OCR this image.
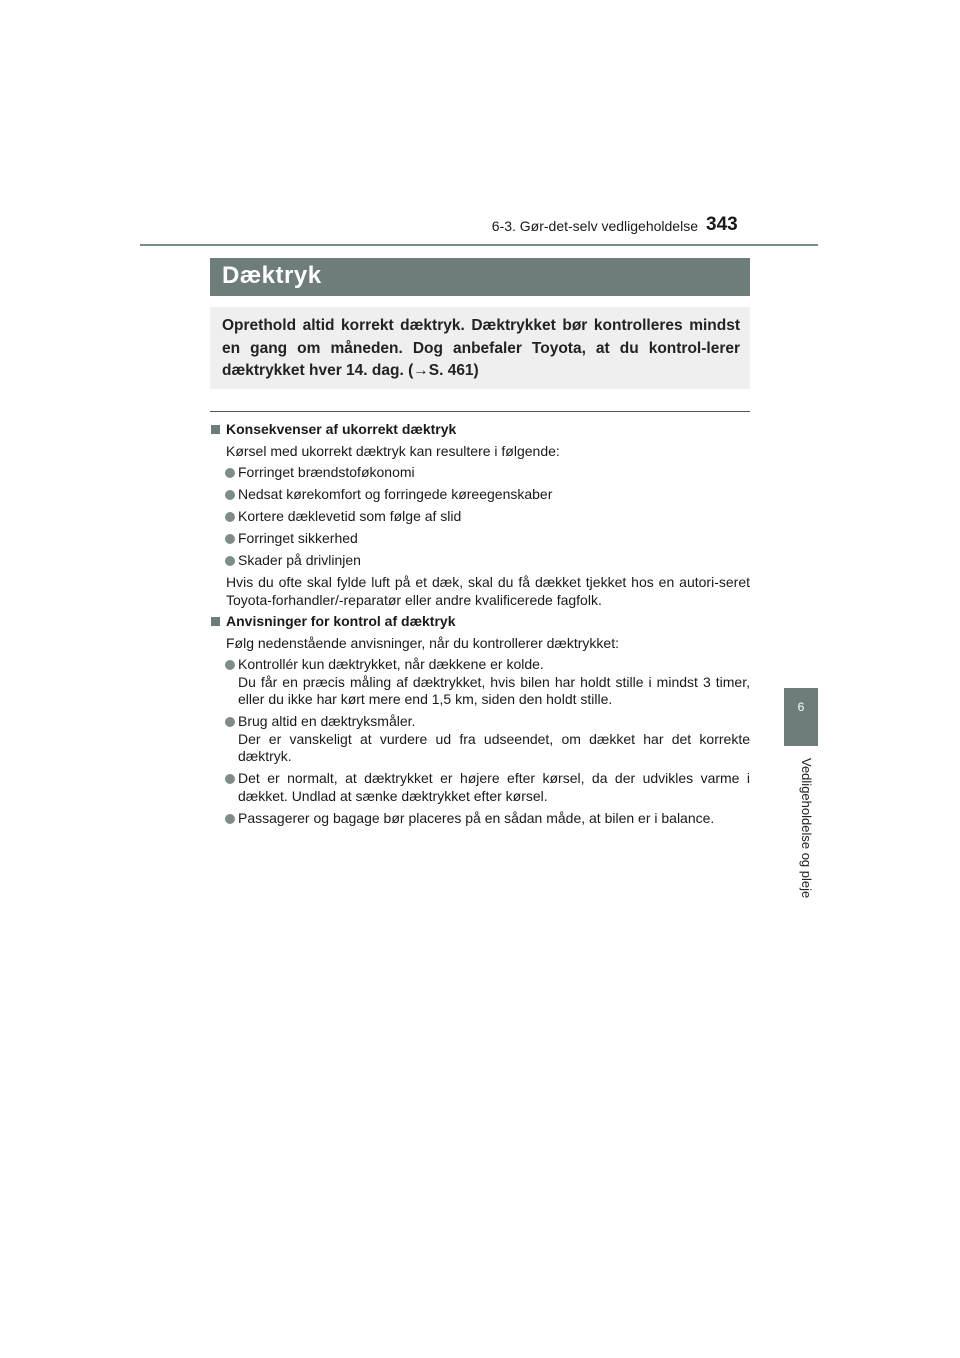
6-3. Gør-det-selv vedligeholdelse 343
6
Vedligeholdelse og pleje
Dæktryk
Oprethold altid korrekt dæktryk. Dæktrykket bør kontrolleres mindst en gang om måneden. Dog anbefaler Toyota, at du kontrol-lerer dæktrykket hver 14. dag. (→S. 461)
Konsekvenser af ukorrekt dæktryk
Kørsel med ukorrekt dæktryk kan resultere i følgende:
Forringet brændstoføkonomi
Nedsat kørekomfort og forringede køreegenskaber
Kortere dæklevetid som følge af slid
Forringet sikkerhed
Skader på drivlinjen
Hvis du ofte skal fylde luft på et dæk, skal du få dækket tjekket hos en autori-seret Toyota-forhandler/-reparatør eller andre kvalificerede fagfolk.
Anvisninger for kontrol af dæktryk
Følg nedenstående anvisninger, når du kontrollerer dæktrykket:
Kontrollér kun dæktrykket, når dækkene er kolde.
Du får en præcis måling af dæktrykket, hvis bilen har holdt stille i mindst 3 timer, eller du ikke har kørt mere end 1,5 km, siden den holdt stille.
Brug altid en dæktryksmåler.
Der er vanskeligt at vurdere ud fra udseendet, om dækket har det korrekte dæktryk.
Det er normalt, at dæktrykket er højere efter kørsel, da der udvikles varme i dækket. Undlad at sænke dæktrykket efter kørsel.
Passagerer og bagage bør placeres på en sådan måde, at bilen er i balance.
